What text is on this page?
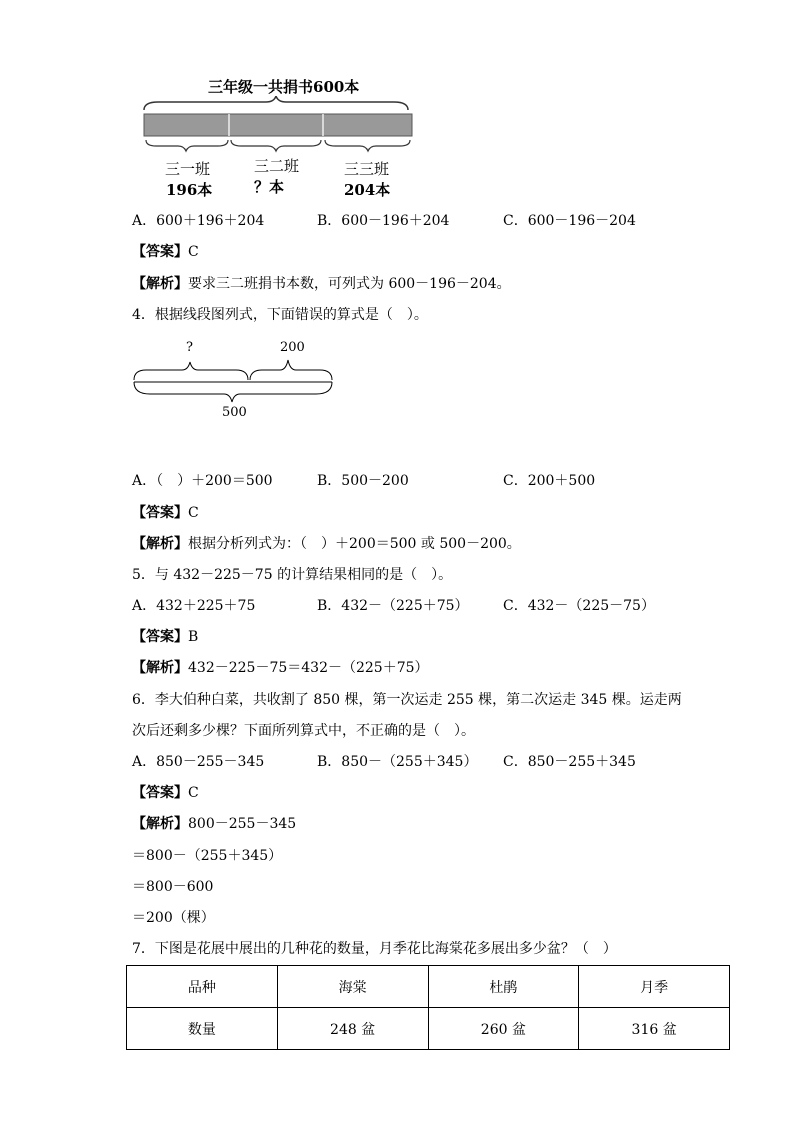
三年级一共捐书600本
三一班
196本
三二班
？本
三三班
204本
A．600＋196＋204	B．600－196＋204	C．600－196－204
【答案】C
【解析】要求三二班捐书本数，可列式为 600－196－204。
4．根据线段图列式，下面错误的算式是（　）。
?	200
500
A．（　）＋200＝500	B．500－200	C．200＋500
【答案】C
【解析】根据分析列式为：（　）＋200＝500 或 500－200。
5．与 432－225－75 的计算结果相同的是（　）。
A．432＋225＋75	B．432－（225＋75） C．432－（225－75）
【答案】B
【解析】432－225－75＝432－（225＋75）
6．李大伯种白菜，共收割了 850 棵，第一次运走 255 棵，第二次运走 345 棵。运走两
次后还剩多少棵？下面所列算式中，不正确的是（　）。
A．850－255－345	B．850－（255＋345） C．850－255＋345
【答案】C
【解析】800－255－345
＝800－（255＋345）
＝800－600
＝200（棵）
7．下图是花展中展出的几种花的数量，月季花比海棠花多展出多少盆？（　）
品种	海棠	杜鹃	月季
数量	248 盆	260 盆	316 盆
